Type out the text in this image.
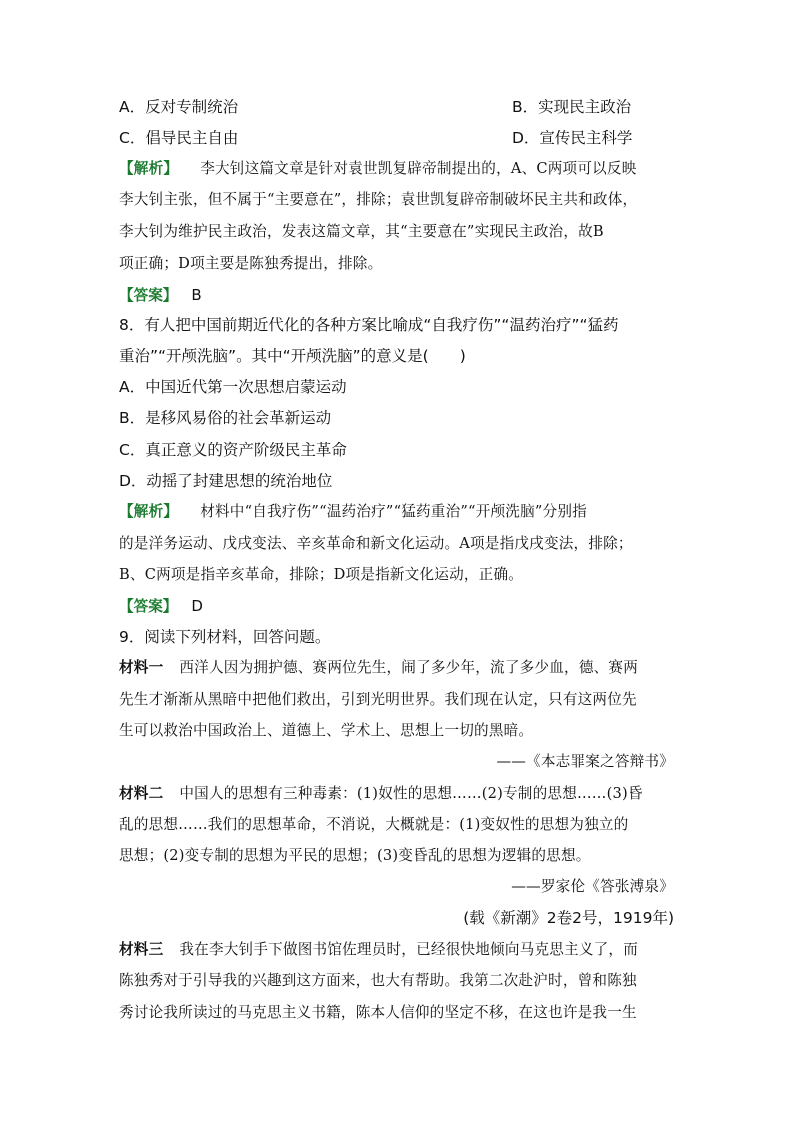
A．反对专制统治	B．实现民主政治
C．倡导民主自由	D．宣传民主科学
【解析】 李大钊这篇文章是针对袁世凯复辟帝制提出的，A、C两项可以反映
李大钊主张，但不属于“主要意在”，排除；袁世凯复辟帝制破坏民主共和政体，
李大钊为维护民主政治，发表这篇文章，其“主要意在”实现民主政治，故B
项正确；D项主要是陈独秀提出，排除。
【答案】 B
8．有人把中国前期近代化的各种方案比喻成“自我疗伤”“温药治疗”“猛药
重治”“开颅洗脑”。其中“开颅洗脑”的意义是(　　)
A．中国近代第一次思想启蒙运动
B．是移风易俗的社会革新运动
C．真正意义的资产阶级民主革命
D．动摇了封建思想的统治地位
【解析】 材料中“自我疗伤”“温药治疗”“猛药重治”“开颅洗脑”分别指
的是洋务运动、戊戌变法、辛亥革命和新文化运动。A项是指戊戌变法，排除；
B、C两项是指辛亥革命，排除；D项是指新文化运动，正确。
【答案】 D
9．阅读下列材料，回答问题。
材料一 西洋人因为拥护德、赛两位先生，闹了多少年，流了多少血，德、赛两
先生才渐渐从黑暗中把他们救出，引到光明世界。我们现在认定，只有这两位先
生可以救治中国政治上、道德上、学术上、思想上一切的黑暗。
——《本志罪案之答辩书》
材料二 中国人的思想有三种毒素：(1)奴性的思想……(2)专制的思想……(3)昏
乱的思想……我们的思想革命，不消说，大概就是：(1)变奴性的思想为独立的
思想；(2)变专制的思想为平民的思想；(3)变昏乱的思想为逻辑的思想。
——罗家伦《答张溥泉》
(载《新潮》2卷2号，1919年)
材料三 我在李大钊手下做图书馆佐理员时，已经很快地倾向马克思主义了，而
陈独秀对于引导我的兴趣到这方面来，也大有帮助。我第二次赴沪时，曾和陈独
秀讨论我所读过的马克思主义书籍，陈本人信仰的坚定不移，在这也许是我一生
